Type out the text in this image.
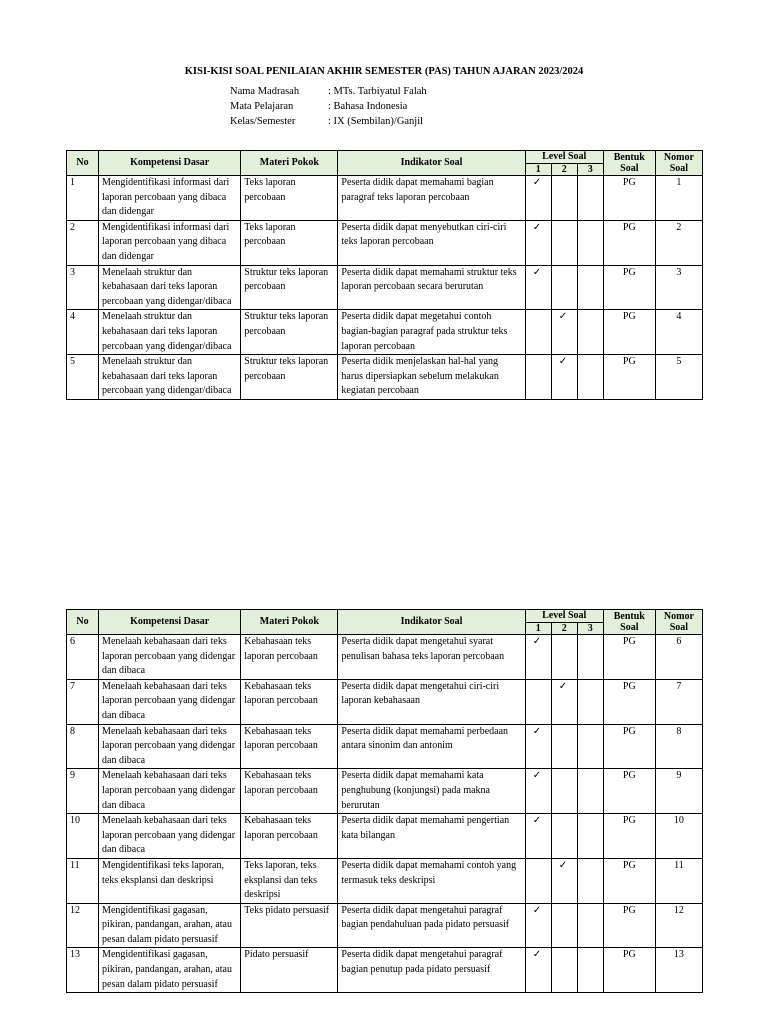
KISI-KISI SOAL PENILAIAN AKHIR SEMESTER (PAS) TAHUN AJARAN 2023/2024
Nama Madrasah	: MTs. Tarbiyatul Falah
Mata Pelajaran	: Bahasa Indonesia
Kelas/Semester	: IX (Sembilan)/Ganjil
No	Kompetensi Dasar	Materi Pokok	Indikator Soal	Level Soal			Bentuk Soal	Nomor Soal
				1	2	3		
1	Mengidentifikasi informasi dari laporan percobaan yang dibaca dan didengar	Teks laporan percobaan	Peserta didik dapat memahami bagian paragraf teks laporan percobaan	✓			PG	1
2	Mengidentifikasi informasi dari laporan percobaan yang dibaca dan didengar	Teks laporan percobaan	Peserta didik dapat menyebutkan ciri-ciri teks laporan percobaan	✓			PG	2
3	Menelaah struktur dan kebahasaan dari teks laporan percobaan yang didengar/dibaca	Struktur teks laporan percobaan	Peserta didik dapat memahami struktur teks laporan percobaan secara berurutan	✓			PG	3
4	Menelaah struktur dan kebahasaan dari teks laporan percobaan yang didengar/dibaca	Struktur teks laporan percobaan	Peserta didik dapat megetahui contoh bagian-bagian paragraf pada struktur teks laporan percobaan		✓		PG	4
5	Menelaah struktur dan kebahasaan dari teks laporan percobaan yang didengar/dibaca	Struktur teks laporan percobaan	Peserta didik menjelaskan hal-hal yang harus dipersiapkan sebelum melakukan kegiatan percobaan		✓		PG	5
No	Kompetensi Dasar	Materi Pokok	Indikator Soal	Level Soal			Bentuk Soal	Nomor Soal
				1	2	3		
6	Menelaah kebahasaan dari teks laporan percobaan yang didengar dan dibaca	Kebahasaan teks laporan percobaan	Peserta didik dapat mengetahui syarat penulisan bahasa teks laporan percobaan	✓			PG	6
7	Menelaah kebahasaan dari teks laporan percobaan yang didengar dan dibaca	Kebahasaan teks laporan percobaan	Peserta didik dapat mengetahui ciri-ciri laporan kebahasaan		✓		PG	7
8	Menelaah kebahasaan dari teks laporan percobaan yang didengar dan dibaca	Kebahasaan teks laporan percobaan	Peserta didik dapat memahami perbedaan antara sinonim dan antonim	✓			PG	8
9	Menelaah kebahasaan dari teks laporan percobaan yang didengar dan dibaca	Kebahasaan teks laporan percobaan	Peserta didik dapat memahami kata penghubung (konjungsi) pada makna berurutan	✓			PG	9
10	Menelaah kebahasaan dari teks laporan percobaan yang didengar dan dibaca	Kebahasaan teks laporan percobaan	Peserta didik dapat memahami pengertian kata bilangan	✓			PG	10
11	Mengidentifikasi teks laporan, teks eksplansi dan deskripsi	Teks laporan, teks eksplansi dan teks deskripsi	Peserta didik dapat memahami contoh yang termasuk teks deskripsi		✓		PG	11
12	Mengidentifikasi gagasan, pikiran, pandangan, arahan, atau pesan dalam pidato persuasif	Teks pidato persuasif	Peserta didik dapat mengetahui paragraf bagian pendahuluan pada pidato persuasif	✓			PG	12
13	Mengidentifikasi gagasan, pikiran, pandangan, arahan, atau pesan dalam pidato persuasif	Pidato persuasif	Peserta didik dapat mengetahui paragraf bagian penutup pada pidato persuasif	✓			PG	13
